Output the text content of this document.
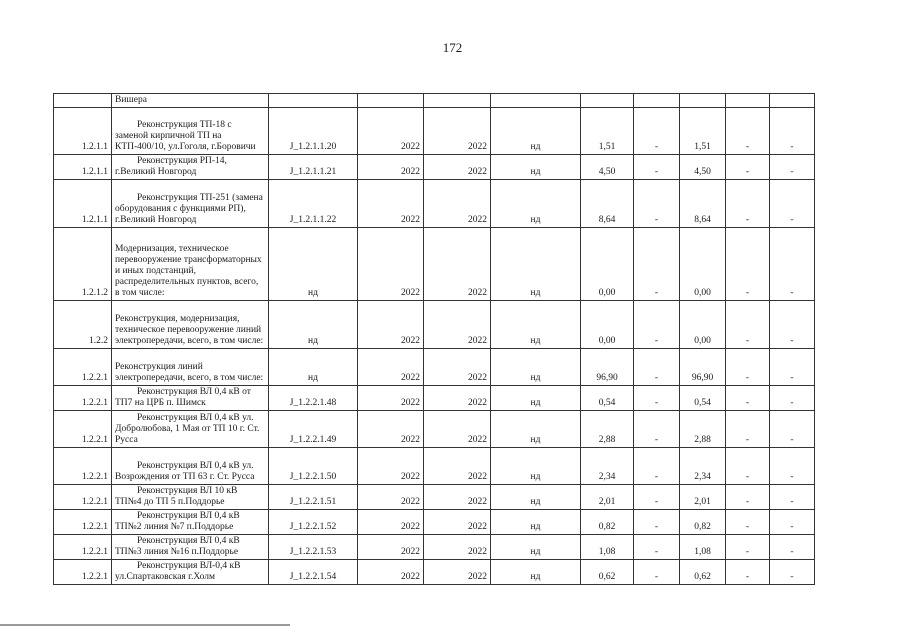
172
	Вишера									
1.2.1.1	Реконструкция ТП-18 с заменой кирпичной ТП на КТП-400/10, ул.Гоголя, г.Боровичи	J_1.2.1.1.20	2022	2022	нд	1,51	-	1,51	-	-
1.2.1.1	Реконструкция РП-14, г.Великий Новгород	J_1.2.1.1.21	2022	2022	нд	4,50	-	4,50	-	-
1.2.1.1	Реконструкция ТП-251 (замена оборудования с функциями РП), г.Великий Новгород	J_1.2.1.1.22	2022	2022	нд	8,64	-	8,64	-	-
1.2.1.2	Модернизация, техническое перевооружение трансформаторных и иных подстанций, распределительных пунктов, всего, в том числе:	нд	2022	2022	нд	0,00	-	0,00	-	-
1.2.2	Реконструкция, модернизация, техническое перевооружение линий электропередачи, всего, в том числе:	нд	2022	2022	нд	0,00	-	0,00	-	-
1.2.2.1	Реконструкция линий электропередачи, всего, в том числе:	нд	2022	2022	нд	96,90	-	96,90	-	-
1.2.2.1	Реконструкция ВЛ 0,4 кВ от ТП7 на ЦРБ п. Шимск	J_1.2.2.1.48	2022	2022	нд	0,54	-	0,54	-	-
1.2.2.1	Реконструкция ВЛ 0,4 кВ ул. Добролюбова, 1 Мая от ТП 10 г. Ст. Русса	J_1.2.2.1.49	2022	2022	нд	2,88	-	2,88	-	-
1.2.2.1	Реконструкция ВЛ 0,4 кВ ул. Возрождения от ТП 63 г. Ст. Русса	J_1.2.2.1.50	2022	2022	нд	2,34	-	2,34	-	-
1.2.2.1	Реконструкция ВЛ 10 кВ ТП№4 до ТП 5 п.Поддорье	J_1.2.2.1.51	2022	2022	нд	2,01	-	2,01	-	-
1.2.2.1	Реконструкция ВЛ 0,4 кВ ТП№2 линия №7 п.Поддорье	J_1.2.2.1.52	2022	2022	нд	0,82	-	0,82	-	-
1.2.2.1	Реконструкция ВЛ 0,4 кВ ТП№3 линия №16 п.Поддорье	J_1.2.2.1.53	2022	2022	нд	1,08	-	1,08	-	-
1.2.2.1	Реконструкция ВЛ-0,4 кВ ул.Спартаковская г.Холм	J_1.2.2.1.54	2022	2022	нд	0,62	-	0,62	-	-
